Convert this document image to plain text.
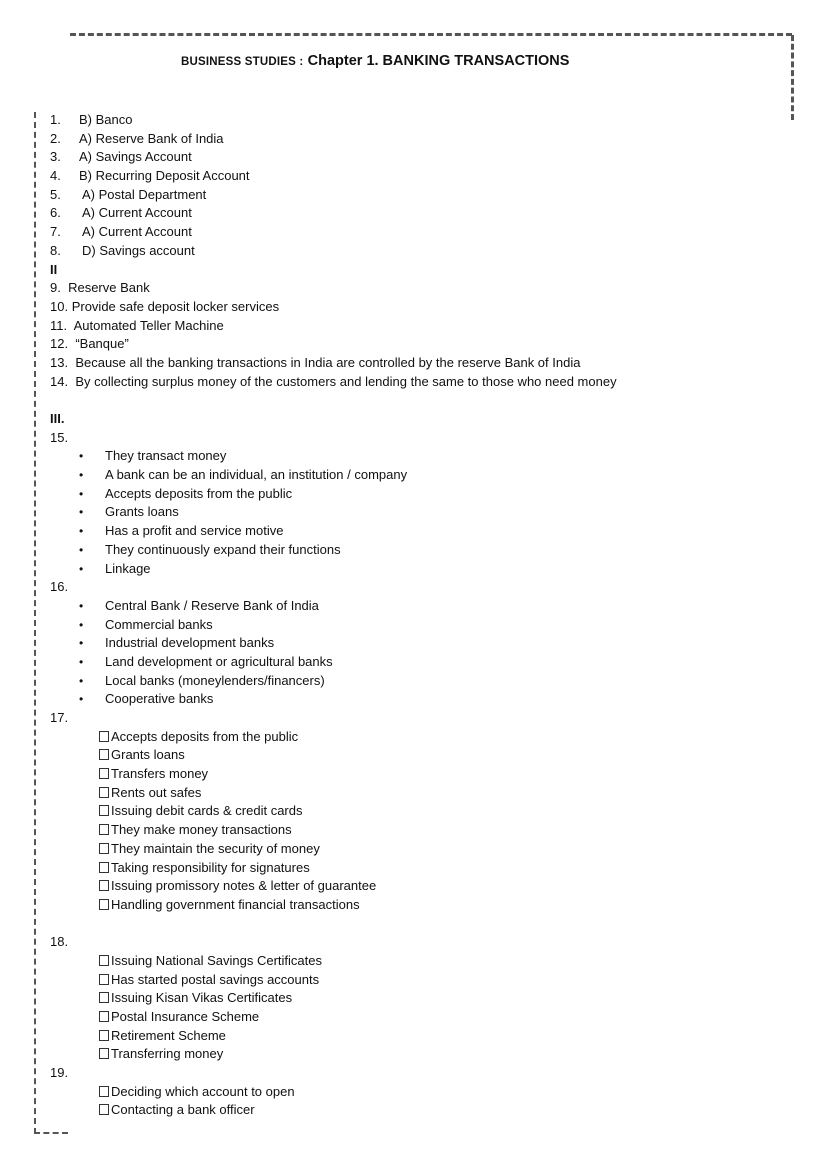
BUSINESS STUDIES : Chapter 1. BANKING TRANSACTIONS
1. B) Banco
2. A) Reserve Bank of India
3. A) Savings Account
4. B) Recurring Deposit Account
5. A) Postal Department
6. A) Current Account
7. A) Current Account
8. D) Savings account
II
9. Reserve Bank
10. Provide safe deposit locker services
11. Automated Teller Machine
12. “Banque”
13. Because all the banking transactions in India are controlled by the reserve Bank of India
14. By collecting surplus money of the customers and lending the same to those who need money
III.
15.
• They transact money
• A bank can be an individual, an institution / company
• Accepts deposits from the public
• Grants loans
• Has a profit and service motive
• They continuously expand their functions
• Linkage
16.
• Central Bank / Reserve Bank of India
• Commercial banks
• Industrial development banks
• Land development or agricultural banks
• Local banks (moneylenders/financers)
• Cooperative banks
17.
Accepts deposits from the public
Grants loans
Transfers money
Rents out safes
Issuing debit cards & credit cards
They make money transactions
They maintain the security of money
Taking responsibility for signatures
Issuing promissory notes & letter of guarantee
Handling government financial transactions
18.
Issuing National Savings Certificates
Has started postal savings accounts
Issuing Kisan Vikas Certificates
Postal Insurance Scheme
Retirement Scheme
Transferring money
19.
Deciding which account to open
Contacting a bank officer
